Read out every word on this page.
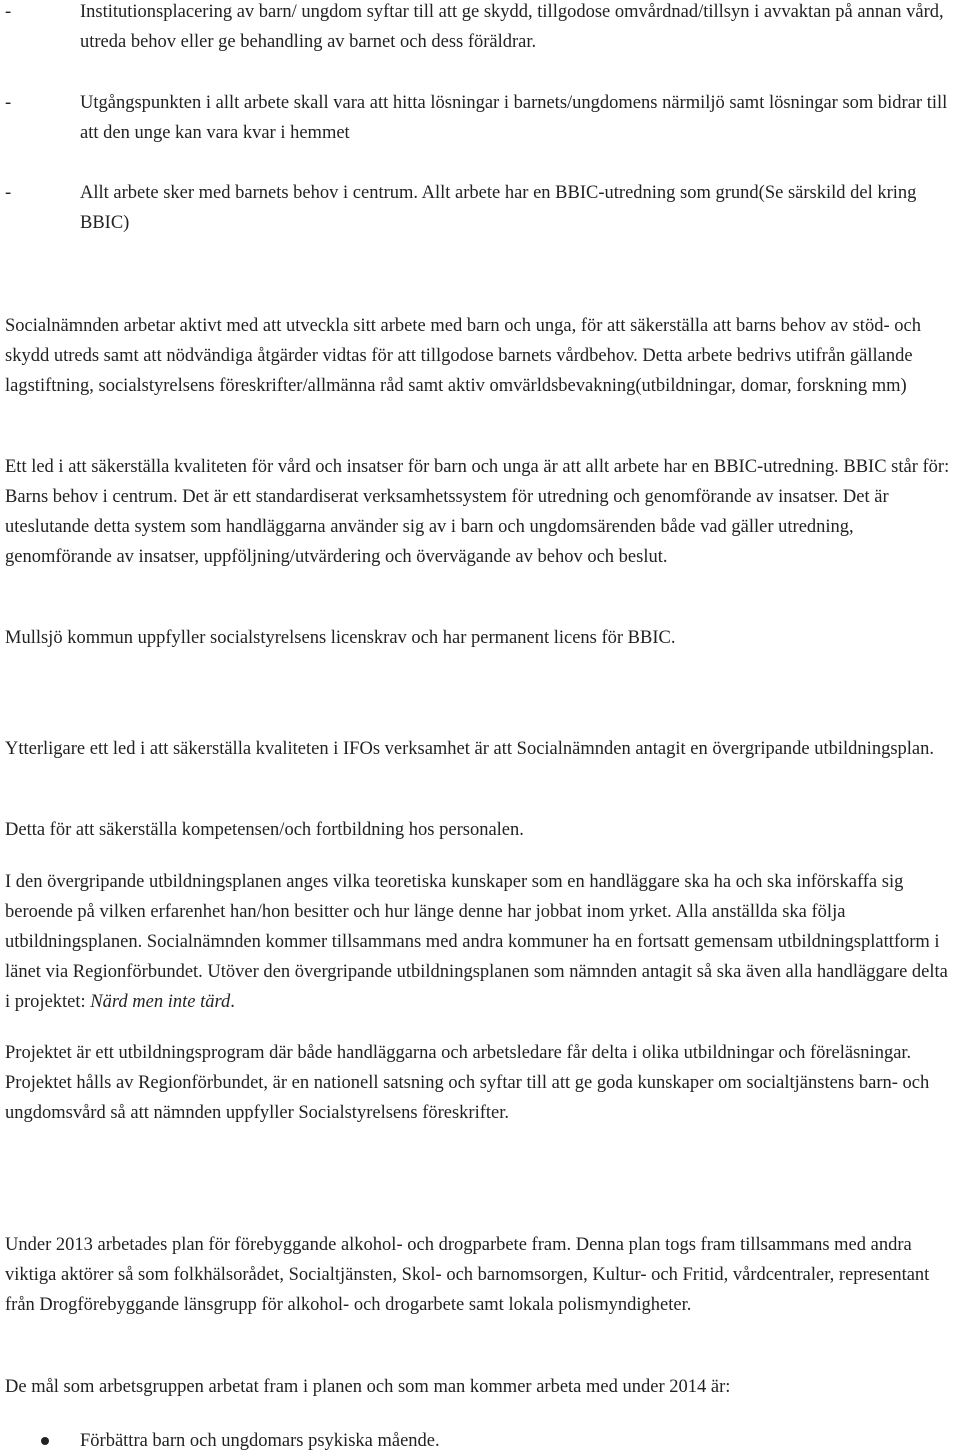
-	Institutionsplacering av barn/ ungdom syftar till att ge skydd, tillgodose omvårdnad/tillsyn i avvaktan på annan vård, utreda behov eller ge behandling av barnet och dess föräldrar.
-	Utgångspunkten i allt arbete skall vara att hitta lösningar i barnets/ungdomens närmiljö samt lösningar som bidrar till att den unge kan vara kvar i hemmet
-	Allt arbete sker med barnets behov i centrum. Allt arbete har en BBIC-utredning som grund(Se särskild del kring BBIC)

Socialnämnden arbetar aktivt med att utveckla sitt arbete med barn och unga, för att säkerställa att barns behov av stöd- och skydd utreds samt att nödvändiga åtgärder vidtas för att tillgodose barnets vårdbehov. Detta arbete bedrivs utifrån gällande lagstiftning, socialstyrelsens föreskrifter/allmänna råd samt aktiv omvärldsbevakning(utbildningar, domar, forskning mm)

Ett led i att säkerställa kvaliteten för vård och insatser för barn och unga är att allt arbete har en BBIC-utredning. BBIC står för: Barns behov i centrum. Det är ett standardiserat verksamhetssystem för utredning och genomförande av insatser. Det är uteslutande detta system som handläggarna använder sig av i barn och ungdomsärenden både vad gäller utredning, genomförande av insatser, uppföljning/utvärdering och övervägande av behov och beslut.

Mullsjö kommun uppfyller socialstyrelsens licenskrav och har permanent licens för BBIC.

Ytterligare ett led i att säkerställa kvaliteten i IFOs verksamhet är att Socialnämnden antagit en övergripande utbildningsplan.

Detta för att säkerställa kompetensen/och fortbildning hos personalen.

I den övergripande utbildningsplanen anges vilka teoretiska kunskaper som en handläggare ska ha och ska införskaffa sig beroende på vilken erfarenhet han/hon besitter och hur länge denne har jobbat inom yrket. Alla anställda ska följa utbildningsplanen. Socialnämnden kommer tillsammans med andra kommuner ha en fortsatt gemensam utbildningsplattform i länet via Regionförbundet. Utöver den övergripande utbildningsplanen som nämnden antagit så ska även alla handläggare delta i projektet: Närd men inte tärd.

Projektet är ett utbildningsprogram där både handläggarna och arbetsledare får delta i olika utbildningar och föreläsningar. Projektet hålls av Regionförbundet, är en nationell satsning och syftar till att ge goda kunskaper om socialtjänstens barn- och ungdomsvård så att nämnden uppfyller Socialstyrelsens föreskrifter.

Under 2013 arbetades plan för förebyggande alkohol- och drogparbete fram. Denna plan togs fram tillsammans med andra viktiga aktörer så som folkhälsorådet, Socialtjänsten, Skol- och barnomsorgen, Kultur- och Fritid, vårdcentraler, representant från Drogförebyggande länsgrupp för alkohol- och drogarbete samt lokala polismyndigheter.

De mål som arbetsgruppen arbetat fram i planen och som man kommer arbeta med under 2014 är:

Förbättra barn och ungdomars psykiska mående.
